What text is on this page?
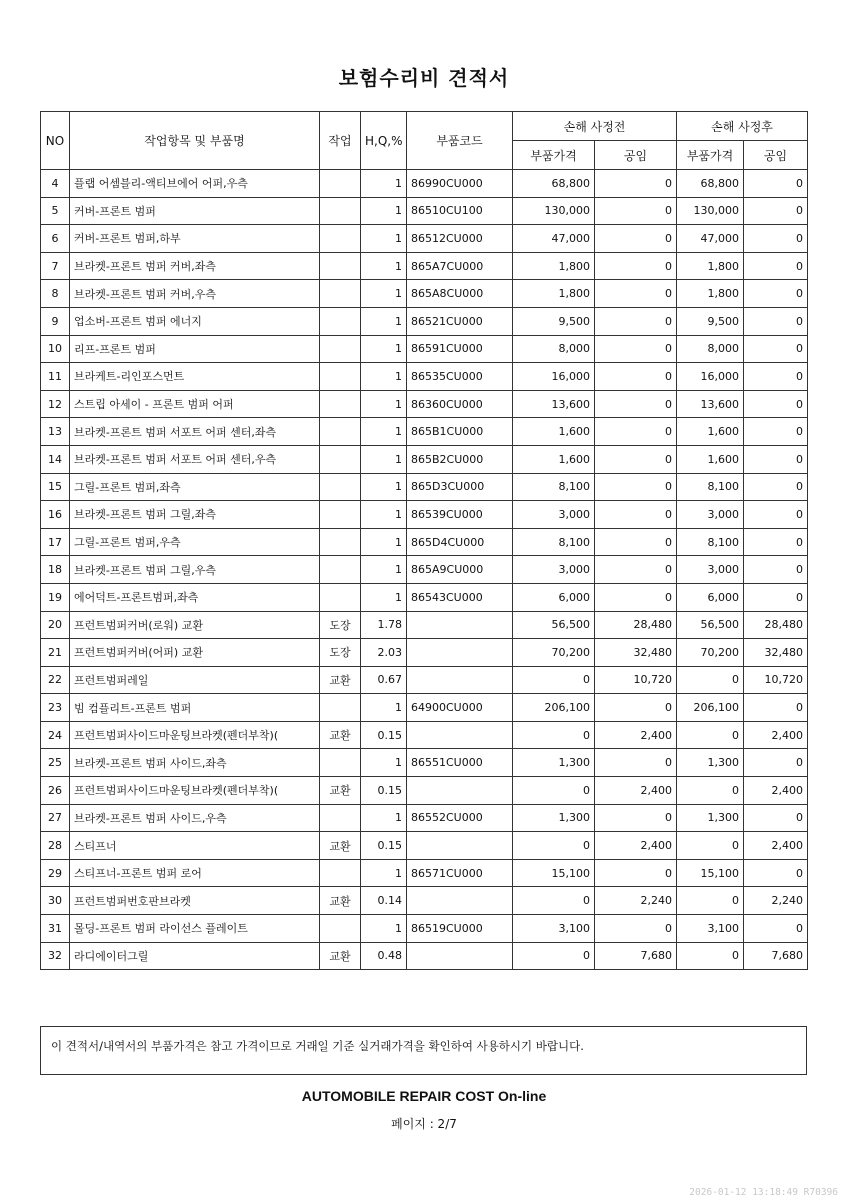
보험수리비 견적서
NO	작업항목 및 부품명	작업	H,Q,%	부품코드	손해 사정전		손해 사정후	
					부품가격	공임	부품가격	공임
4	플랩 어셈블리-액티브에어 어퍼,우측		1	86990CU000	68,800	0	68,800	0
5	커버-프론트 범퍼		1	86510CU100	130,000	0	130,000	0
6	커버-프론트 범퍼,하부		1	86512CU000	47,000	0	47,000	0
7	브라켓-프론트 범퍼 커버,좌측		1	865A7CU000	1,800	0	1,800	0
8	브라켓-프론트 범퍼 커버,우측		1	865A8CU000	1,800	0	1,800	0
9	업소버-프론트 범퍼 에너지		1	86521CU000	9,500	0	9,500	0
10	리프-프론트 범퍼		1	86591CU000	8,000	0	8,000	0
11	브라케트-리인포스먼트		1	86535CU000	16,000	0	16,000	0
12	스트립 아세이 - 프론트 범퍼 어퍼		1	86360CU000	13,600	0	13,600	0
13	브라켓-프론트 범퍼 서포트 어퍼 센터,좌측		1	865B1CU000	1,600	0	1,600	0
14	브라켓-프론트 범퍼 서포트 어퍼 센터,우측		1	865B2CU000	1,600	0	1,600	0
15	그릴-프론트 범퍼,좌측		1	865D3CU000	8,100	0	8,100	0
16	브라켓-프론트 범퍼 그릴,좌측		1	86539CU000	3,000	0	3,000	0
17	그릴-프론트 범퍼,우측		1	865D4CU000	8,100	0	8,100	0
18	브라켓-프론트 범퍼 그릴,우측		1	865A9CU000	3,000	0	3,000	0
19	에어덕트-프론트범퍼,좌측		1	86543CU000	6,000	0	6,000	0
20	프런트범퍼커버(로워) 교환	도장	1.78		56,500	28,480	56,500	28,480
21	프런트범퍼커버(어퍼) 교환	도장	2.03		70,200	32,480	70,200	32,480
22	프런트범퍼레일	교환	0.67		0	10,720	0	10,720
23	빔 컴플리트-프론트 범퍼		1	64900CU000	206,100	0	206,100	0
24	프런트범퍼사이드마운팅브라켓(펜더부착)(	교환	0.15		0	2,400	0	2,400
25	브라켓-프론트 범퍼 사이드,좌측		1	86551CU000	1,300	0	1,300	0
26	프런트범퍼사이드마운팅브라켓(펜더부착)(	교환	0.15		0	2,400	0	2,400
27	브라켓-프론트 범퍼 사이드,우측		1	86552CU000	1,300	0	1,300	0
28	스티프너	교환	0.15		0	2,400	0	2,400
29	스티프너-프론트 범퍼 로어		1	86571CU000	15,100	0	15,100	0
30	프런트범퍼번호판브라켓	교환	0.14		0	2,240	0	2,240
31	몰딩-프론트 범퍼 라이선스 플레이트		1	86519CU000	3,100	0	3,100	0
32	라디에이터그릴	교환	0.48		0	7,680	0	7,680
이 견적서/내역서의 부품가격은 참고 가격이므로 거래일 기준 실거래가격을 확인하여 사용하시기 바랍니다.
AUTOMOBILE REPAIR COST On-line
페이지 : 2/7
2026-01-12 13:18:49 R70396
